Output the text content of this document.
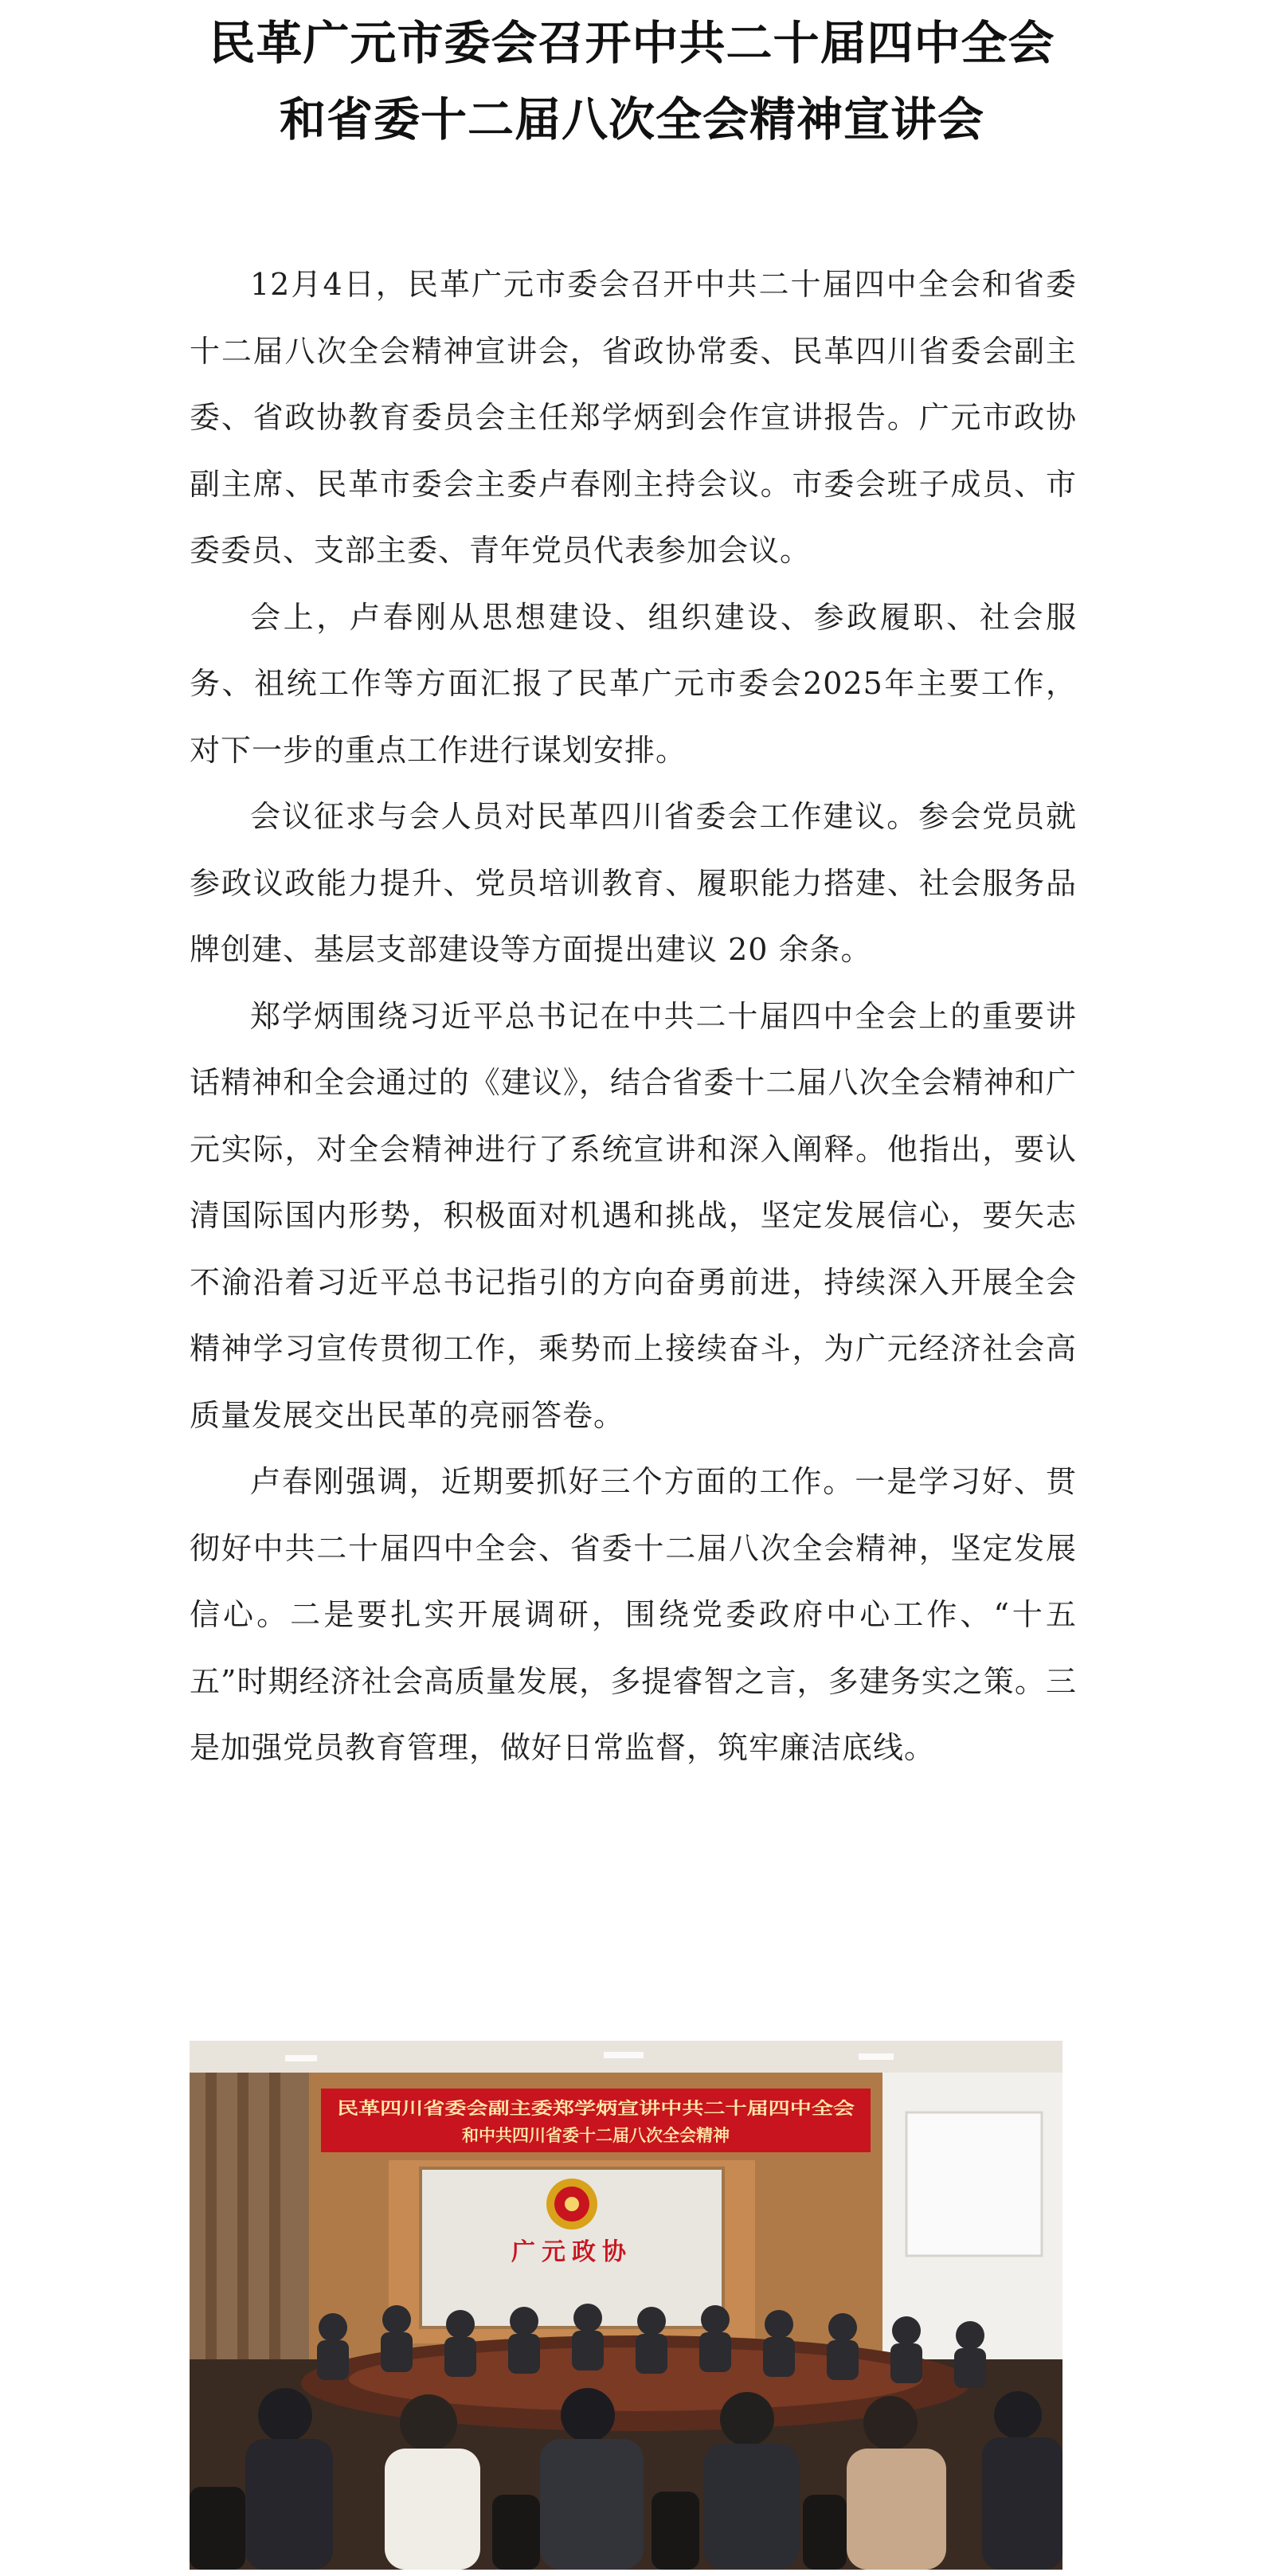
民革广元市委会召开中共二十届四中全会
和省委十二届八次全会精神宣讲会

12月4日，民革广元市委会召开中共二十届四中全会和省委十二届八次全会精神宣讲会，省政协常委、民革四川省委会副主委、省政协教育委员会主任郑学炳到会作宣讲报告。广元市政协副主席、民革市委会主委卢春刚主持会议。市委会班子成员、市委委员、支部主委、青年党员代表参加会议。

会上，卢春刚从思想建设、组织建设、参政履职、社会服务、祖统工作等方面汇报了民革广元市委会2025年主要工作，对下一步的重点工作进行谋划安排。

会议征求与会人员对民革四川省委会工作建议。参会党员就参政议政能力提升、党员培训教育、履职能力搭建、社会服务品牌创建、基层支部建设等方面提出建议 20 余条。

郑学炳围绕习近平总书记在中共二十届四中全会上的重要讲话精神和全会通过的《建议》，结合省委十二届八次全会精神和广元实际，对全会精神进行了系统宣讲和深入阐释。他指出，要认清国际国内形势，积极面对机遇和挑战，坚定发展信心，要矢志不渝沿着习近平总书记指引的方向奋勇前进，持续深入开展全会精神学习宣传贯彻工作，乘势而上接续奋斗，为广元经济社会高质量发展交出民革的亮丽答卷。

卢春刚强调，近期要抓好三个方面的工作。一是学习好、贯彻好中共二十届四中全会、省委十二届八次全会精神，坚定发展信心。二是要扎实开展调研，围绕党委政府中心工作、“十五五”时期经济社会高质量发展，多提睿智之言，多建务实之策。三是加强党员教育管理，做好日常监督，筑牢廉洁底线。

民革四川省委会副主委郑学炳宣讲中共二十届四中全会
和中共四川省委十二届八次全会精神
广元政协
